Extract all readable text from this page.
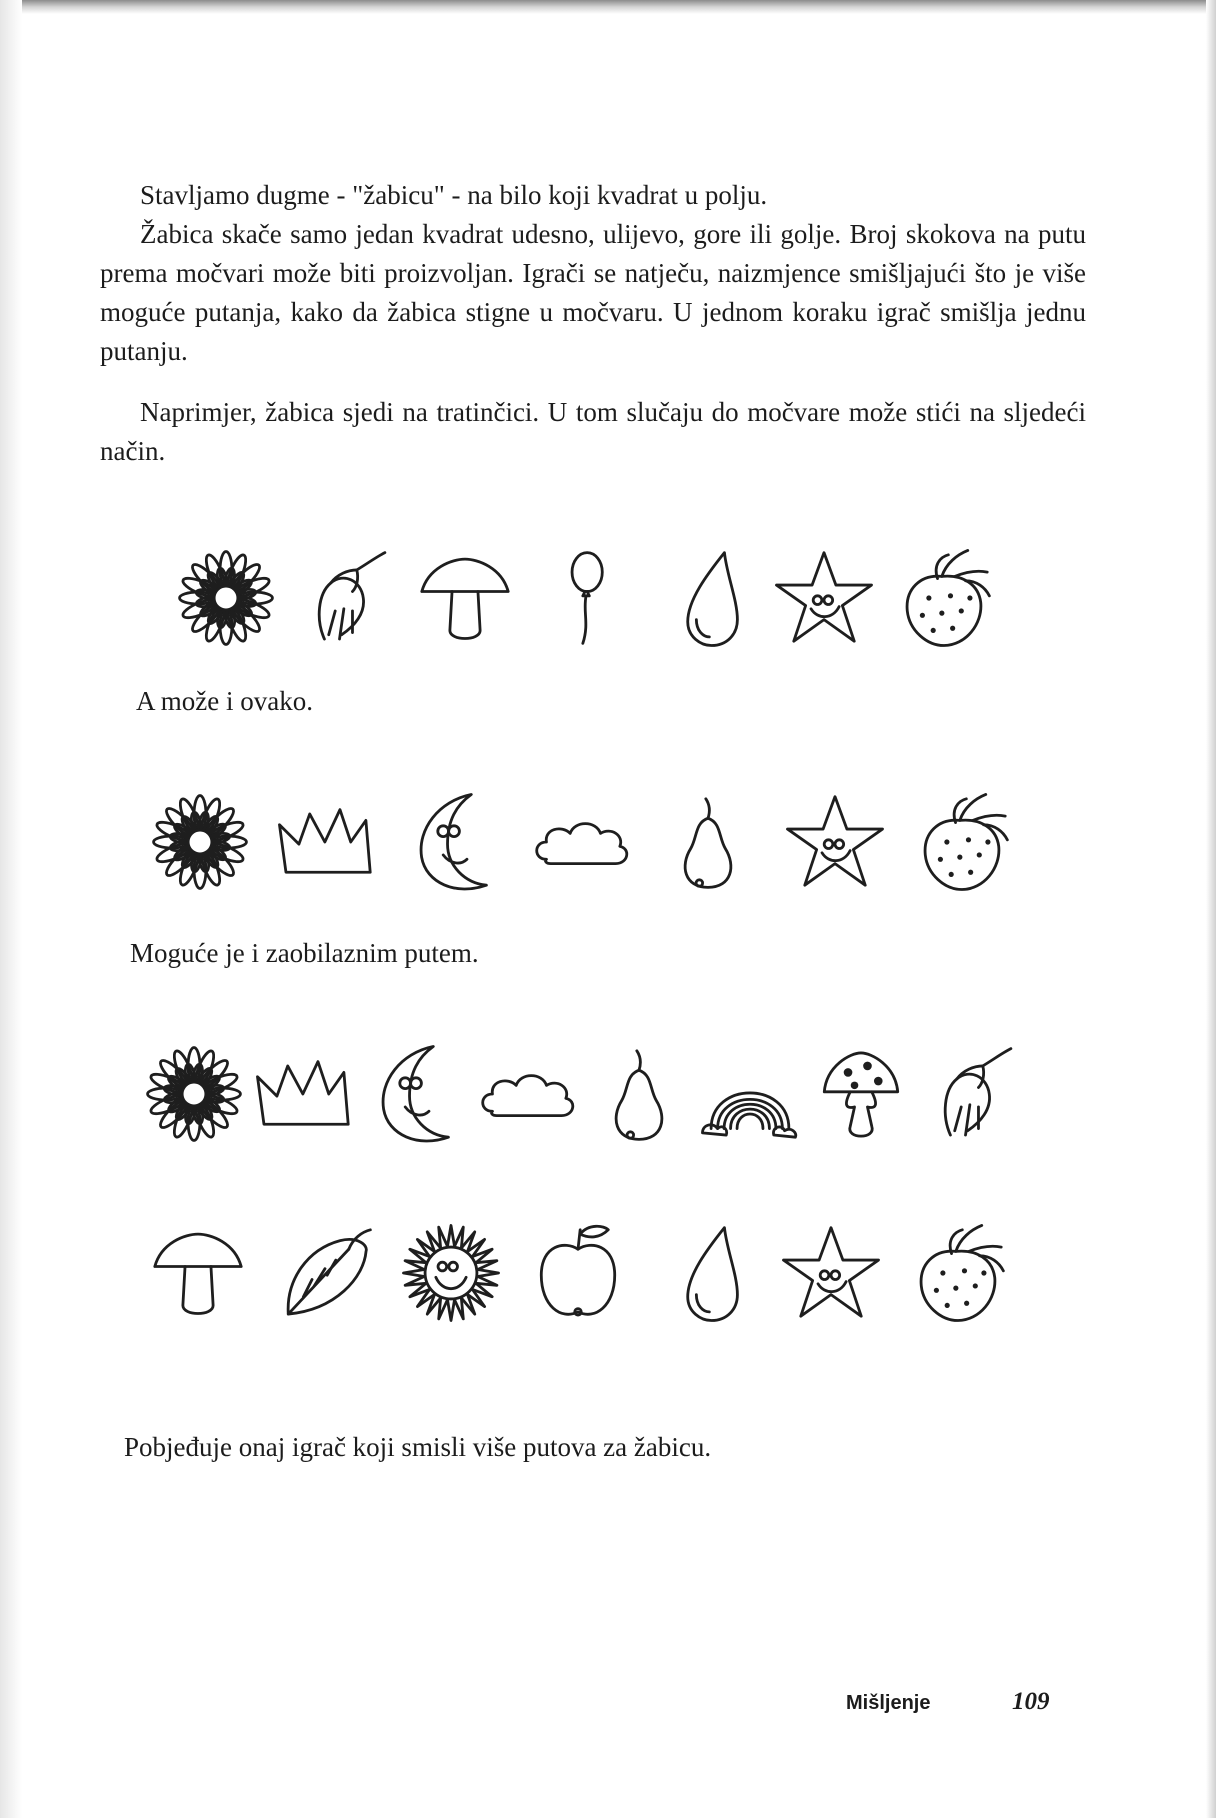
Stavljamo dugme - "žabicu" - na bilo koji kvadrat u polju.

Žabica skače samo jedan kvadrat udesno, ulijevo, gore ili golje. Broj skokova na putu prema močvari može biti proizvoljan. Igrači se natječu, naizmjence smišljajući što je više moguće putanja, kako da žabica stigne u močvaru. U jednom koraku igrač smišlja jednu putanju.

Naprimjer, žabica sjedi na tratinčici. U tom slučaju do močvare može stići na sljedeći način.

A može i ovako.

Moguće je i zaobilaznim putem.

Pobjeđuje onaj igrač koji smisli više putova za žabicu.

Mišljenje	109
